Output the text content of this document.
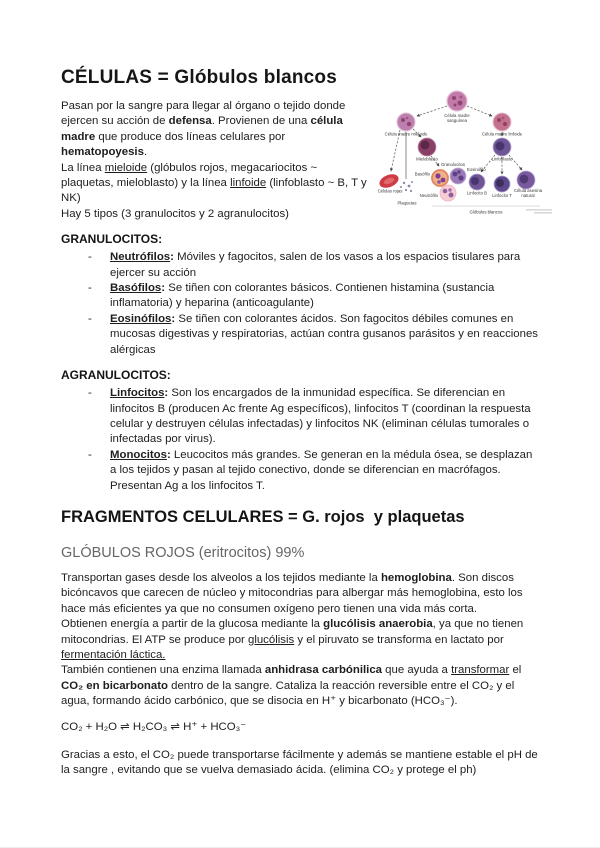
CÉLULAS = Glóbulos blancos
Célula madre
sanguínea
Célula madre mieloide	Célula madre linfoide
Mieloblasto	Linfoblasto
Células rojas
Plaquetas
Granulocitos
Basófilo
Eosinófilo
Neutrófilo	Linfocito B Linfocito T
Célula asesina
natural
Glóbulos blancos

Pasan por la sangre para llegar al órgano o tejido donde ejercen su acción de defensa. Provienen de una célula madre que produce dos líneas celulares por hematopoyesis.

La línea mieloide (glóbulos rojos, megacariocitos ~ plaquetas, mieloblasto) y la línea linfoide (linfoblasto ~ B, T y NK)

Hay 5 tipos (3 granulocitos y 2 agranulocitos)

GRANULOCITOS:
-	Neutrófilos: Móviles y fagocitos, salen de los vasos a los espacios tisulares para ejercer su acción
-	Basófilos: Se tiñen con colorantes básicos. Contienen histamina (sustancia inflamatoria) y heparina (anticoagulante)
-	Eosinófilos: Se tiñen con colorantes ácidos. Son fagocitos débiles comunes en mucosas digestivas y respiratorias, actúan contra gusanos parásitos y en reacciones alérgicas
AGRANULOCITOS:
-	Linfocitos: Son los encargados de la inmunidad específica. Se diferencian en linfocitos B (producen Ac frente Ag específicos), linfocitos T (coordinan la respuesta celular y destruyen células infectadas) y linfocitos NK (eliminan células tumorales o infectadas por virus).
-	Monocitos: Leucocitos más grandes. Se generan en la médula ósea, se desplazan a los tejidos y pasan al tejido conectivo, donde se diferencian en macrófagos. Presentan Ag a los linfocitos T.
FRAGMENTOS CELULARES = G. rojos  y plaquetas
GLÓBULOS ROJOS (eritrocitos) 99%

Transportan gases desde los alveolos a los tejidos mediante la hemoglobina. Son discos bicóncavos que carecen de núcleo y mitocondrias para albergar más hemoglobina, esto los hace más eficientes ya que no consumen oxígeno pero tienen una vida más corta.

Obtienen energía a partir de la glucosa mediante la glucólisis anaerobia, ya que no tienen mitocondrias. El ATP se produce por glucólisis y el piruvato se transforma en lactato por fermentación láctica.

También contienen una enzima llamada anhidrasa carbónilica que ayuda a transformar el CO₂ en bicarbonato dentro de la sangre. Cataliza la reacción reversible entre el CO₂ y el agua, formando ácido carbónico, que se disocia en H⁺ y bicarbonato (HCO₃⁻).

CO₂ + H₂O ⇌ H₂CO₃ ⇌ H⁺ + HCO₃⁻

Gracias a esto, el CO₂ puede transportarse fácilmente y además se mantiene estable el pH de la sangre , evitando que se vuelva demasiado ácida. (elimina CO₂ y protege el ph)
